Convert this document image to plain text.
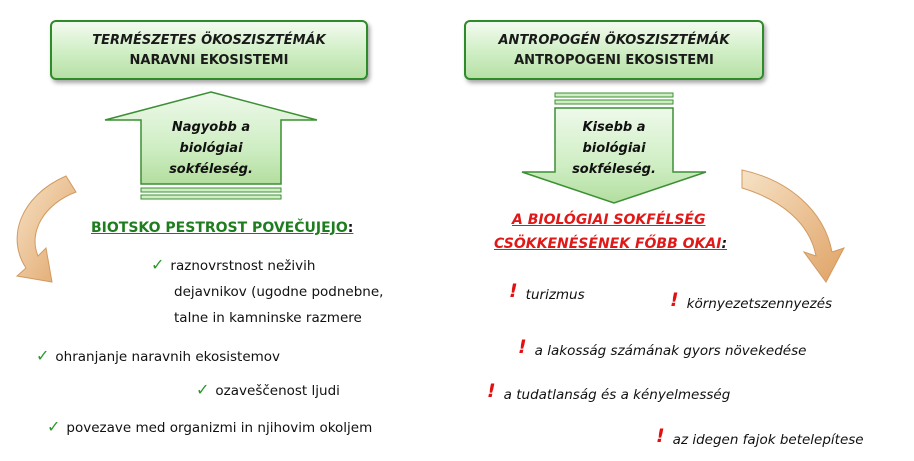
TERMÉSZETES ÖKOSZISZTÉMÁK
NARAVNI EKOSISTEMI
ANTROPOGÉN ÖKOSZISZTÉMÁK
ANTROPOGENI EKOSISTEMI
Nagyobb a
biológiai
sokféleség.
Kisebb a
biológiai
sokféleség.
BIOTSKO PESTROST POVEČUJEJO:
✓ raznovrstnost neživih
dejavnikov (ugodne podnebne,
talne in kamninske razmere
✓ ohranjanje naravnih ekosistemov
✓ ozaveščenost ljudi
✓ povezave med organizmi in njihovim okoljem
A BIOLÓGIAI SOKFÉLSÉG
CSÖKKENÉSÉNEK FŐBB OKAI:
! turizmus	! környezetszennyezés
! a lakosság számának gyors növekedése
! a tudatlanság és a kényelmesség
! az idegen fajok betelepítese
